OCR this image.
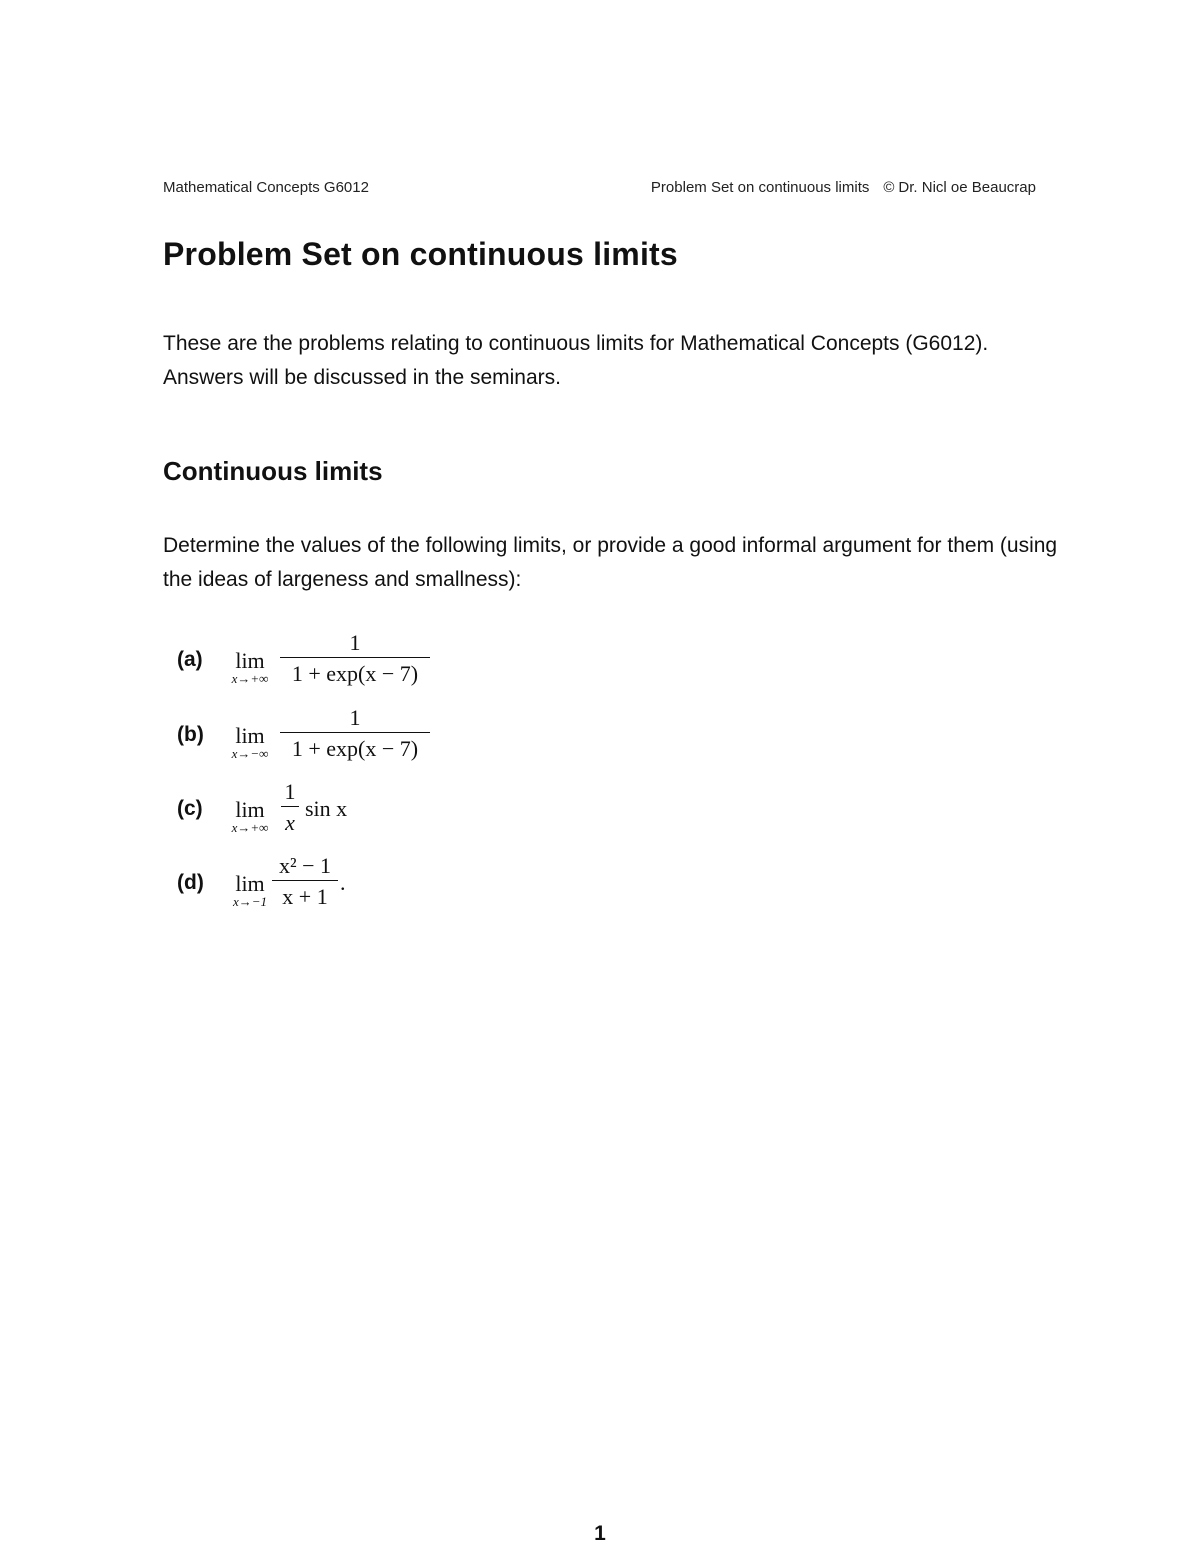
Mathematical Concepts G6012	Problem Set on continuous limits © Dr. Nicl oe Beaucrap
Problem Set on continuous limits

These are the problems relating to continuous limits for Mathematical Concepts (G6012). Answers will be discussed in the seminars.

Continuous limits

Determine the values of the following limits, or provide a good informal argument for them (using the ideas of largeness and smallness):

(a)	lim
x→+∞
1
1 + exp(x − 7)
(b)	lim
x→−∞
1
1 + exp(x − 7)
(c)	lim
x→+∞
1
x
sin x
(d)	lim
x→−1
x² − 1
x + 1
.
1
